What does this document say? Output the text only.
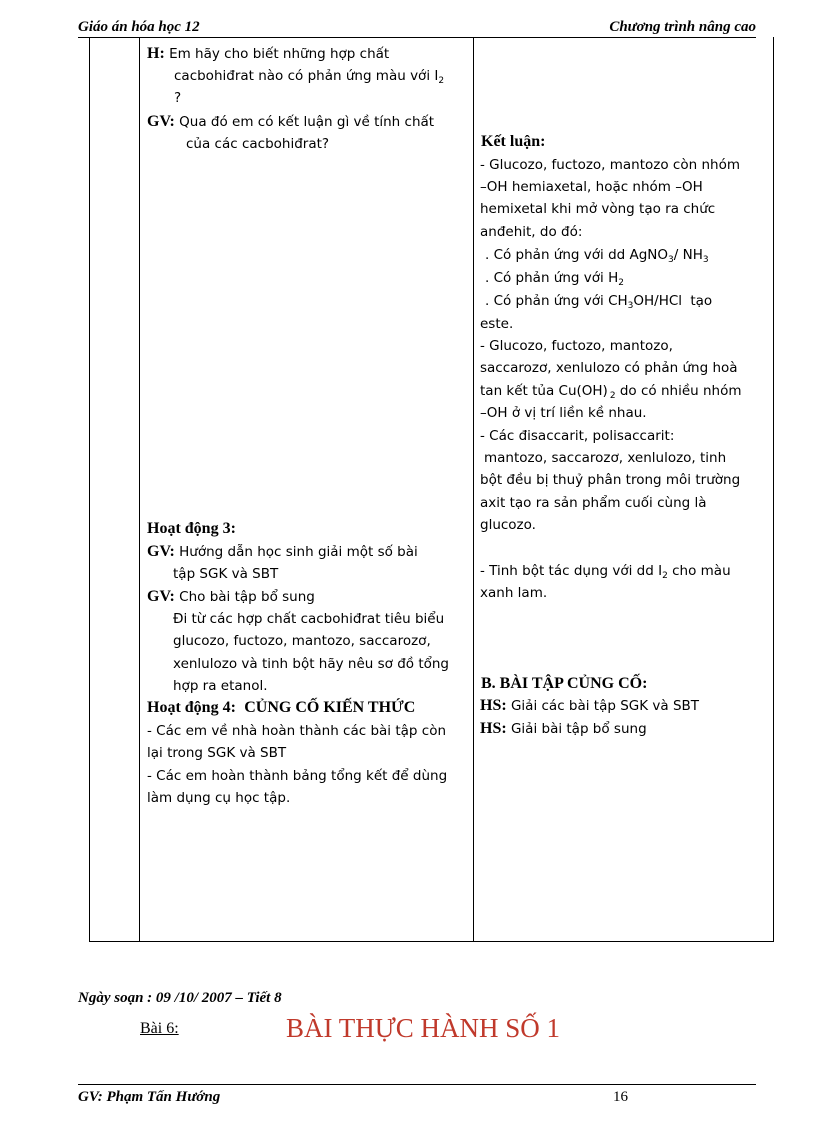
Giáo án hóa học 12	Chương trình nâng cao
H: Em hãy cho biết những hợp chất
cacbohiđrat nào có phản ứng màu với $I_2$
?
GV: Qua đó em có kết luận gì về tính chất
của các cacbohiđrat?
Hoạt động 3:
GV: Hướng dẫn học sinh giải một số bài
tập SGK và SBT
GV: Cho bài tập bổ sung
Đi từ các hợp chất cacbohiđrat tiêu biểu
glucozo, fuctozo, mantozo, saccarozơ,
xenlulozo và tinh bột hãy nêu sơ đồ tổng
hợp ra etanol.
Hoạt động 4: CỦNG CỐ KIẾN THỨC
- Các em về nhà hoàn thành các bài tập còn
lại trong SGK và SBT
- Các em hoàn thành bảng tổng kết để dùng
làm dụng cụ học tập.
Kết luận:
- Glucozo, fuctozo, mantozo còn nhóm
–OH hemiaxetal, hoặc nhóm –OH
hemixetal khi mở vòng tạo ra chức
anđehit, do đó:
. Có phản ứng với dd AgNO$_3$/ $NH_3$
. Có phản ứng với $H_2$
. Có phản ứng với $CH_3OH$/HCl tạo
este.
- Glucozo, fuctozo, mantozo,
saccarozơ, xenlulozo có phản ứng hoà
tan kết tủa Cu(OH) $_2$ do có nhiều nhóm
–OH ở vị trí liền kề nhau.
- Các đisaccarit, polisaccarit:
mantozo, saccarozơ, xenlulozo, tinh
bột đều bị thuỷ phân trong môi trường
axit tạo ra sản phẩm cuối cùng là
glucozo.
- Tinh bột tác dụng với dd $I_2$ cho màu
xanh lam.
B. BÀI TẬP CỦNG CỐ:
HS: Giải các bài tập SGK và SBT
HS: Giải bài tập bổ sung
Ngày soạn : 09 /10/ 2007 – Tiết 8
Bài 6:	BÀI THỰC HÀNH SỐ 1
GV: Phạm Tấn Hướng	16
